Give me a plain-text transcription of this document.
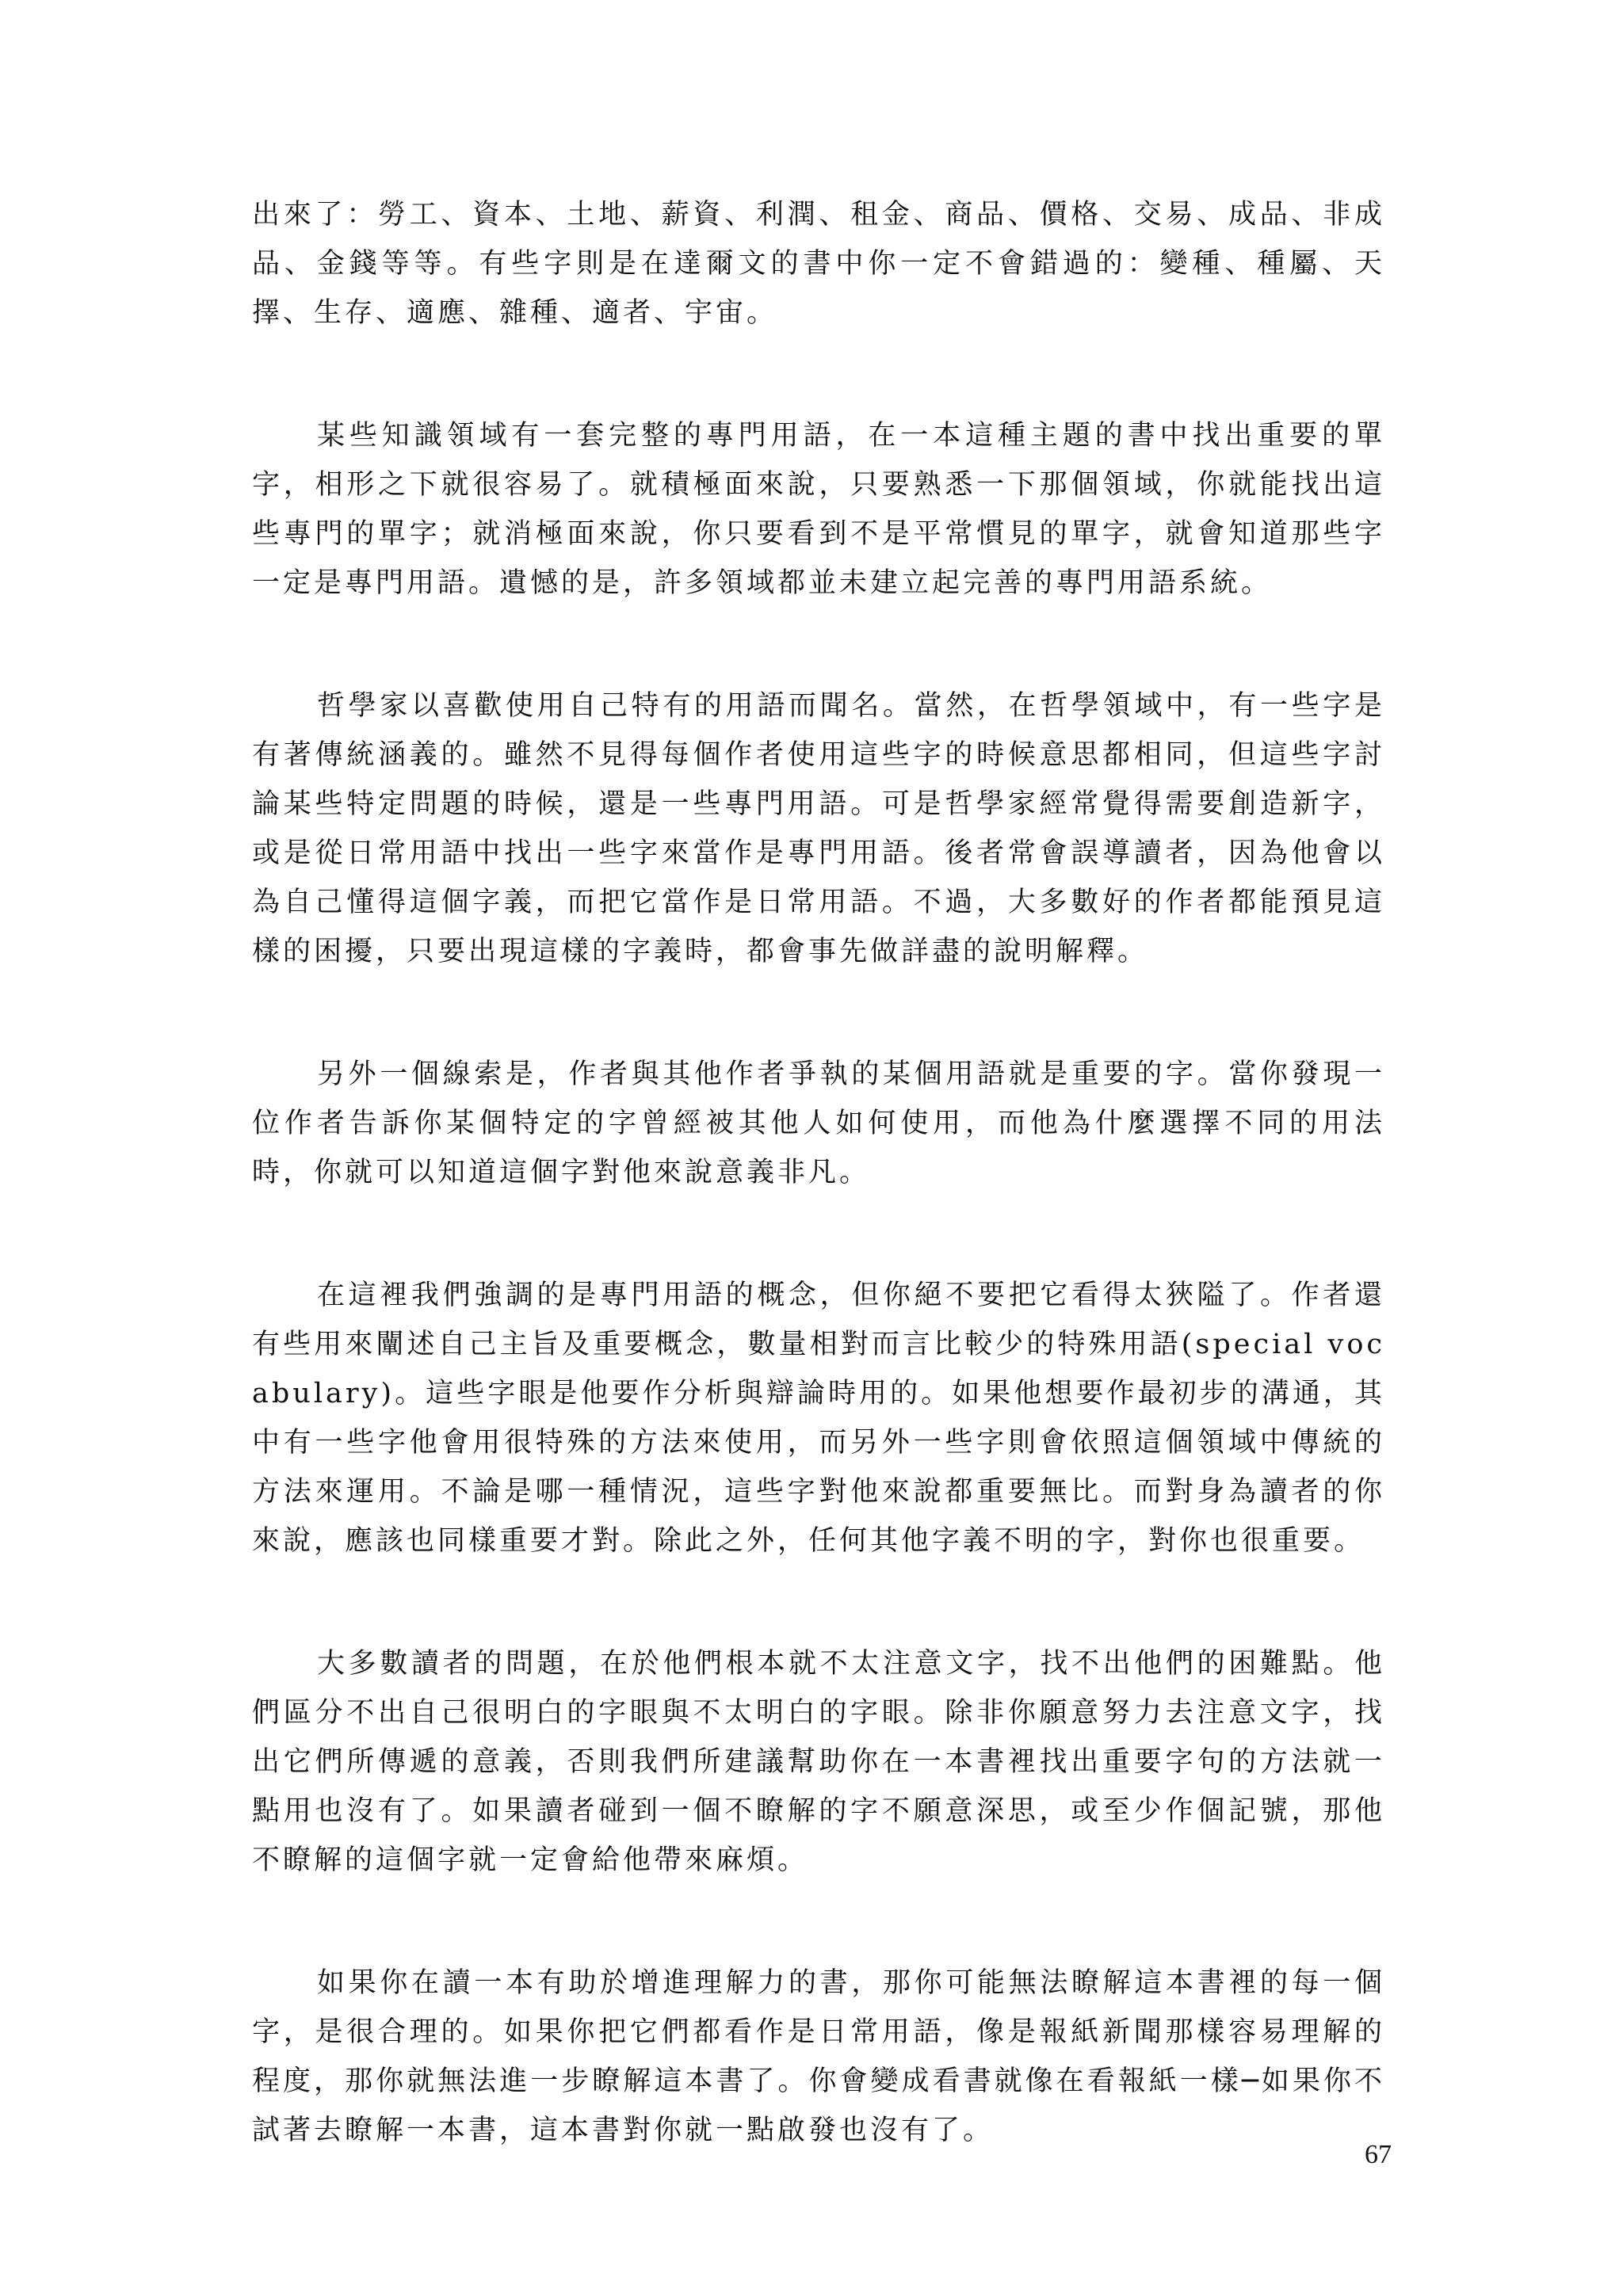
出來了：勞工、資本、土地、薪資、利潤、租金、商品、價格、交易、成品、非成品、金錢等等。有些字則是在達爾文的書中你一定不會錯過的：變種、種屬、天擇、生存、適應、雜種、適者、宇宙。

某些知識領域有一套完整的專門用語，在一本這種主題的書中找出重要的單字，相形之下就很容易了。就積極面來說，只要熟悉一下那個領域，你就能找出這些專門的單字；就消極面來說，你只要看到不是平常慣見的單字，就會知道那些字一定是專門用語。遺憾的是，許多領域都並未建立起完善的專門用語系統。

哲學家以喜歡使用自己特有的用語而聞名。當然，在哲學領域中，有一些字是有著傳統涵義的。雖然不見得每個作者使用這些字的時候意思都相同，但這些字討論某些特定問題的時候，還是一些專門用語。可是哲學家經常覺得需要創造新字，或是從日常用語中找出一些字來當作是專門用語。後者常會誤導讀者，因為他會以為自己懂得這個字義，而把它當作是日常用語。不過，大多數好的作者都能預見這樣的困擾，只要出現這樣的字義時，都會事先做詳盡的說明解釋。

另外一個線索是，作者與其他作者爭執的某個用語就是重要的字。當你發現一位作者告訴你某個特定的字曾經被其他人如何使用，而他為什麼選擇不同的用法時，你就可以知道這個字對他來說意義非凡。

在這裡我們強調的是專門用語的概念，但你絕不要把它看得太狹隘了。作者還有些用來闡述自己主旨及重要概念，數量相對而言比較少的特殊用語(special vocabulary)。這些字眼是他要作分析與辯論時用的。如果他想要作最初步的溝通，其中有一些字他會用很特殊的方法來使用，而另外一些字則會依照這個領域中傳統的方法來運用。不論是哪一種情況，這些字對他來說都重要無比。而對身為讀者的你來說，應該也同樣重要才對。除此之外，任何其他字義不明的字，對你也很重要。

大多數讀者的問題，在於他們根本就不太注意文字，找不出他們的困難點。他們區分不出自己很明白的字眼與不太明白的字眼。除非你願意努力去注意文字，找出它們所傳遞的意義，否則我們所建議幫助你在一本書裡找出重要字句的方法就一點用也沒有了。如果讀者碰到一個不瞭解的字不願意深思，或至少作個記號，那他不瞭解的這個字就一定會給他帶來麻煩。

如果你在讀一本有助於增進理解力的書，那你可能無法瞭解這本書裡的每一個字，是很合理的。如果你把它們都看作是日常用語，像是報紙新聞那樣容易理解的程度，那你就無法進一步瞭解這本書了。你會變成看書就像在看報紙一樣─如果你不試著去瞭解一本書，這本書對你就一點啟發也沒有了。

67
